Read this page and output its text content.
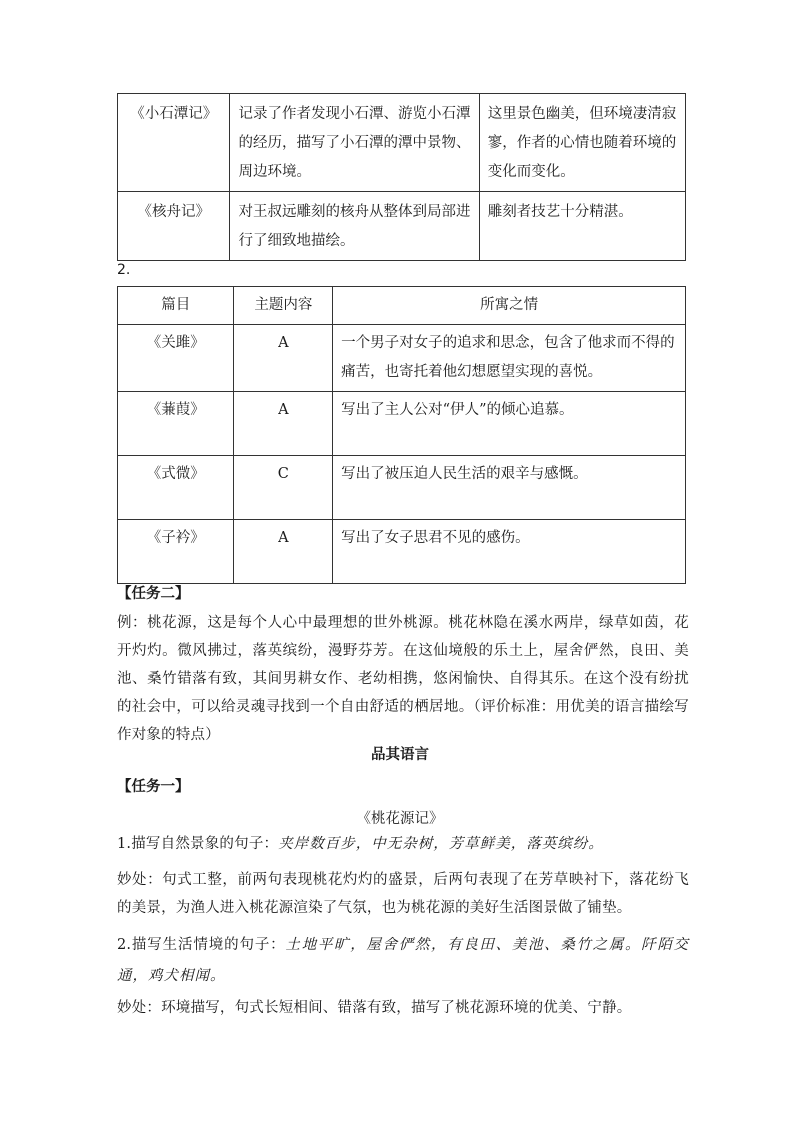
《小石潭记》	记录了作者发现小石潭、游览小石潭的经历，描写了小石潭的潭中景物、周边环境。	这里景色幽美，但环境凄清寂寥，作者的心情也随着环境的变化而变化。
《核舟记》	对王叔远雕刻的核舟从整体到局部进行了细致地描绘。	雕刻者技艺十分精湛。
2.
篇目	主题内容	所寓之情
《关雎》	A	一个男子对女子的追求和思念，包含了他求而不得的痛苦，也寄托着他幻想愿望实现的喜悦。
《蒹葭》	A	写出了主人公对“伊人”的倾心追慕。
《式微》	C	写出了被压迫人民生活的艰辛与感慨。
《子衿》	A	写出了女子思君不见的感伤。
【任务二】
例：桃花源，这是每个人心中最理想的世外桃源。桃花林隐在溪水两岸，绿草如茵，花开灼灼。微风拂过，落英缤纷，漫野芬芳。在这仙境般的乐土上，屋舍俨然，良田、美池、桑竹错落有致，其间男耕女作、老幼相携，悠闲愉快、自得其乐。在这个没有纷扰的社会中，可以给灵魂寻找到一个自由舒适的栖居地。（评价标准：用优美的语言描绘写作对象的特点）
品其语言
【任务一】
《桃花源记》
1.描写自然景象的句子：夹岸数百步，中无杂树，芳草鲜美，落英缤纷。
妙处：句式工整，前两句表现桃花灼灼的盛景，后两句表现了在芳草映衬下，落花纷飞的美景，为渔人进入桃花源渲染了气氛，也为桃花源的美好生活图景做了铺垫。
2.描写生活情境的句子：土地平旷，屋舍俨然，有良田、美池、桑竹之属。阡陌交通，鸡犬相闻。
妙处：环境描写，句式长短相间、错落有致，描写了桃花源环境的优美、宁静。
